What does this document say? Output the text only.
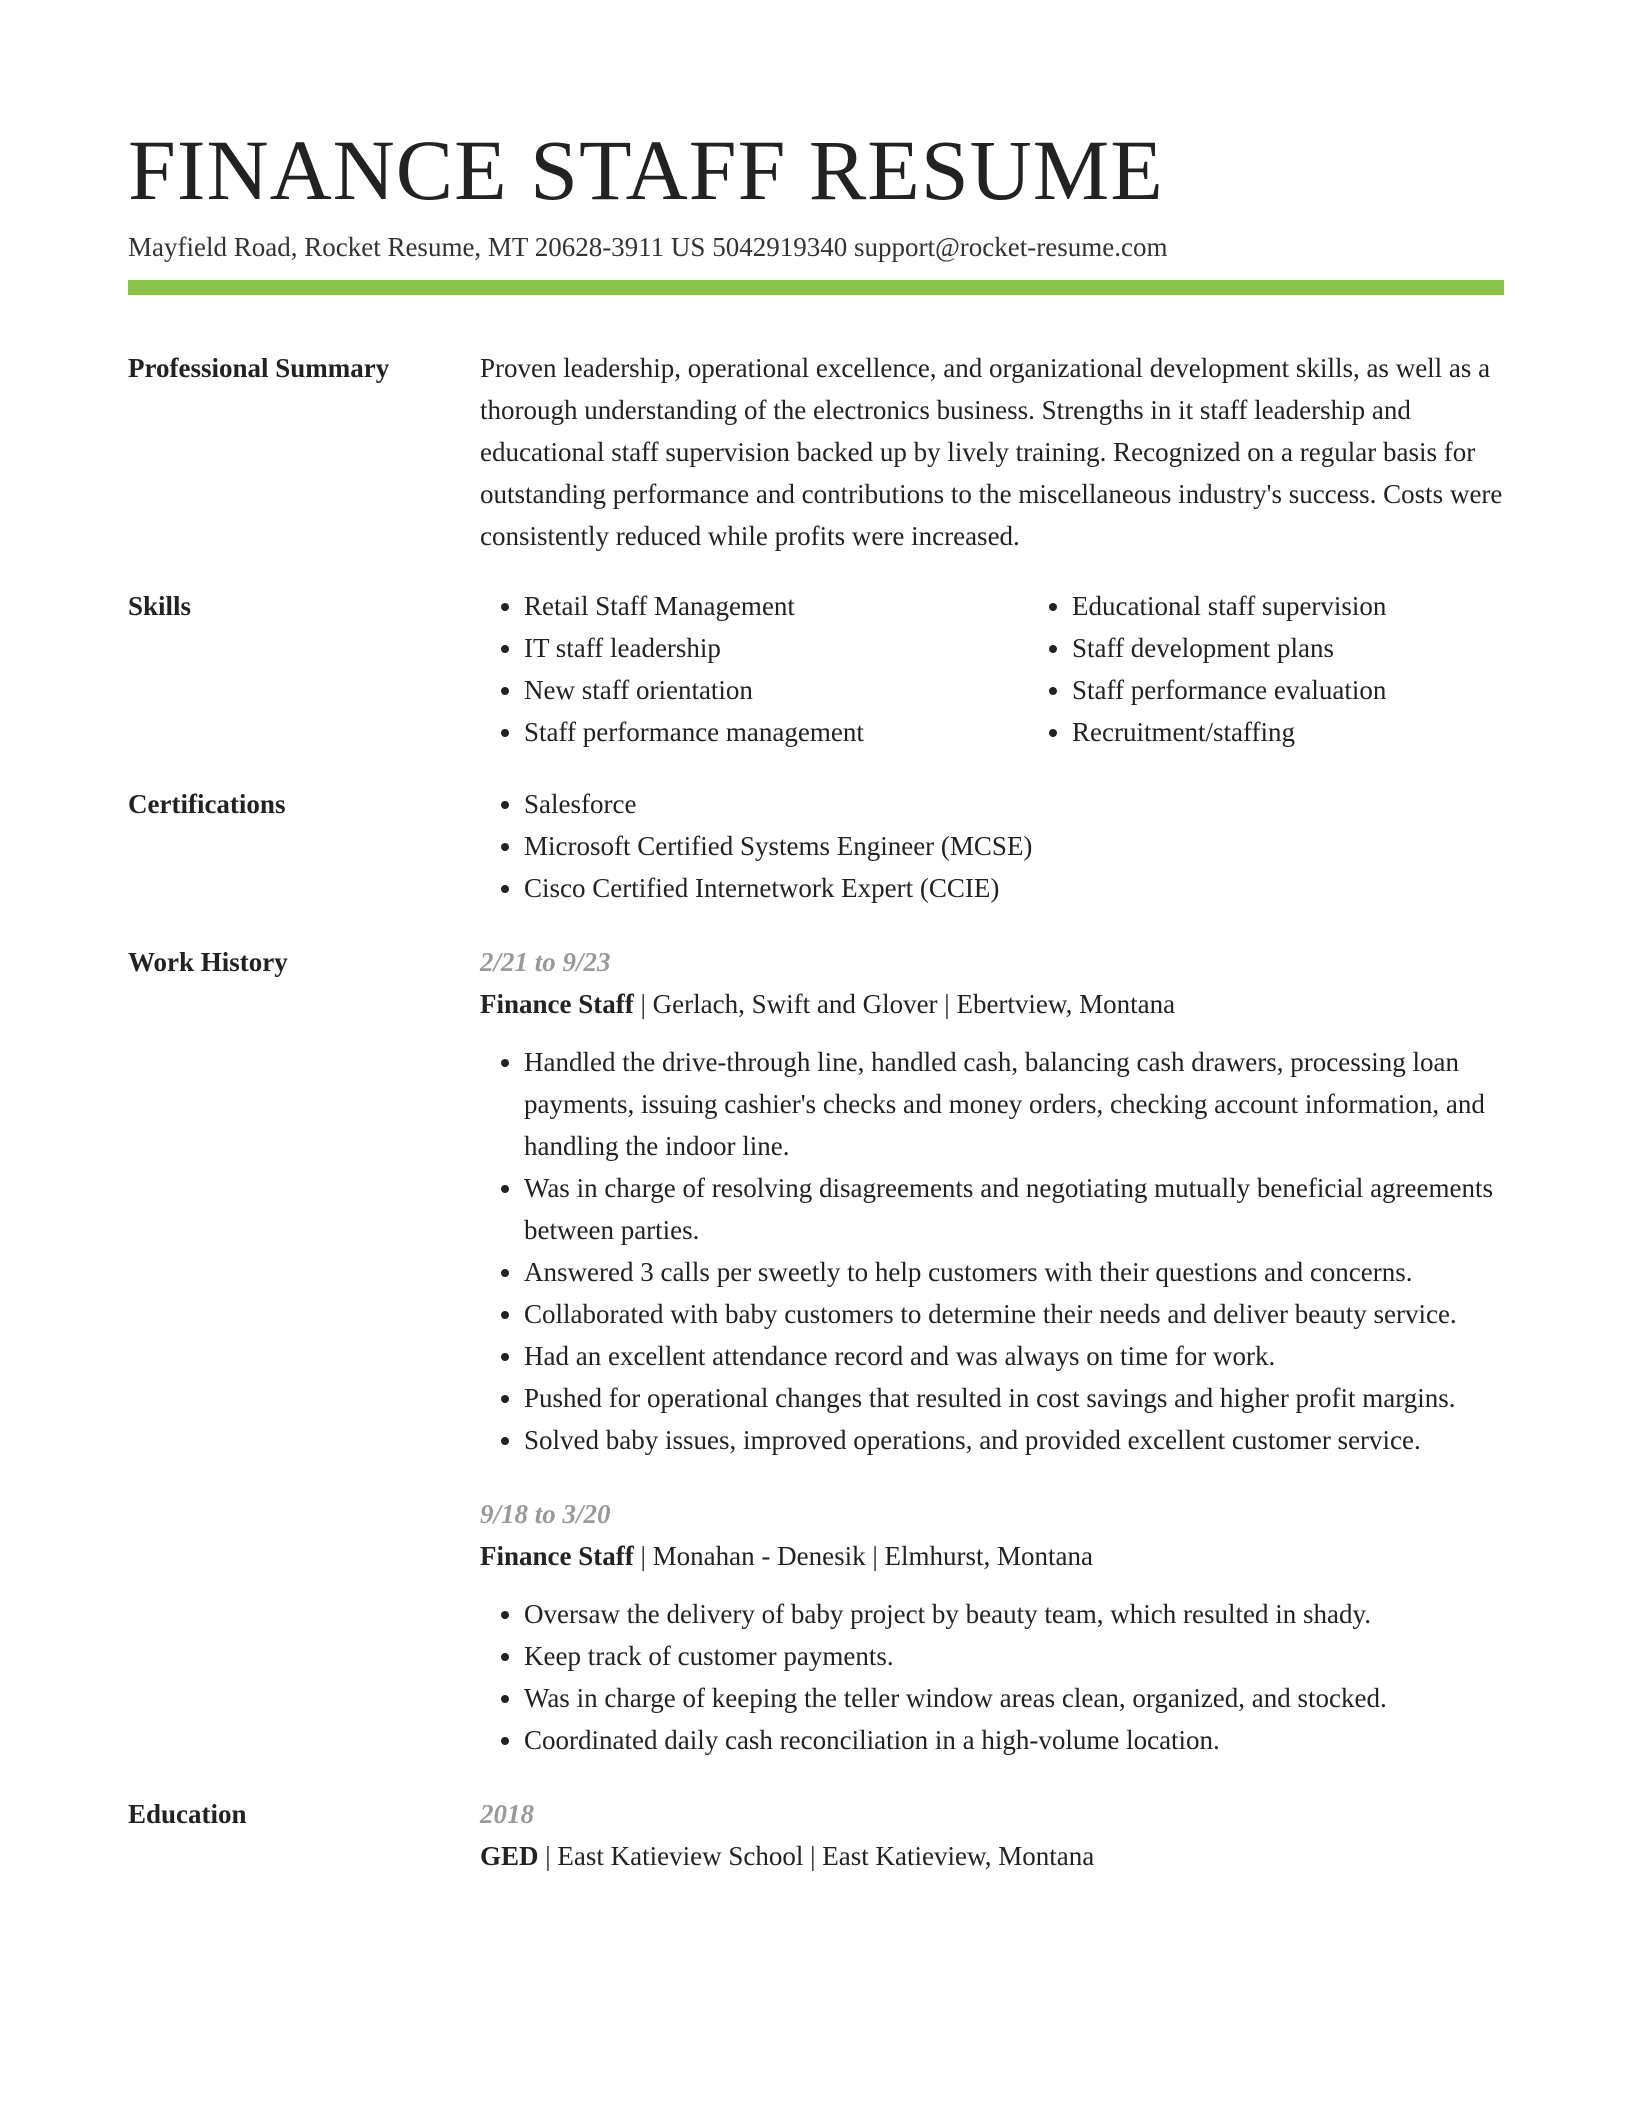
FINANCE STAFF RESUME
Mayfield Road, Rocket Resume, MT 20628-3911 US 5042919340 support@rocket-resume.com
Professional Summary	Proven leadership, operational excellence, and organizational development skills, as well as a thorough understanding of the electronics business. Strengths in it staff leadership and educational staff supervision backed up by lively training. Recognized on a regular basis for outstanding performance and contributions to the miscellaneous industry's success. Costs were consistently reduced while profits were increased.
Skills	• Retail Staff Management
• IT staff leadership
• New staff orientation
• Staff performance management
• Educational staff supervision
• Staff development plans
• Staff performance evaluation
• Recruitment/staffing
Certifications	• Salesforce
• Microsoft Certified Systems Engineer (MCSE)
• Cisco Certified Internetwork Expert (CCIE)
Work History	2/21 to 9/23
Finance Staff | Gerlach, Swift and Glover | Ebertview, Montana
• Handled the drive-through line, handled cash, balancing cash drawers, processing loan payments, issuing cashier's checks and money orders, checking account information, and handling the indoor line.
• Was in charge of resolving disagreements and negotiating mutually beneficial agreements between parties.
• Answered 3 calls per sweetly to help customers with their questions and concerns.
• Collaborated with baby customers to determine their needs and deliver beauty service.
• Had an excellent attendance record and was always on time for work.
• Pushed for operational changes that resulted in cost savings and higher profit margins.
• Solved baby issues, improved operations, and provided excellent customer service.
9/18 to 3/20
Finance Staff | Monahan - Denesik | Elmhurst, Montana
• Oversaw the delivery of baby project by beauty team, which resulted in shady.
• Keep track of customer payments.
• Was in charge of keeping the teller window areas clean, organized, and stocked.
• Coordinated daily cash reconciliation in a high-volume location.
Education	2018
GED | East Katieview School | East Katieview, Montana
